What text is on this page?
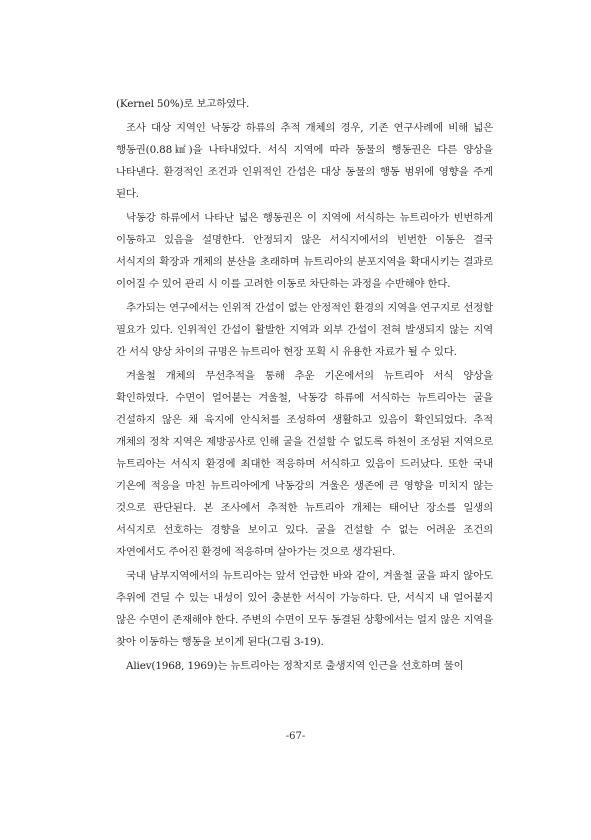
(Kernel 50%)로 보고하였다.

조사 대상 지역인 낙동강 하류의 추적 개체의 경우, 기존 연구사례에 비해 넓은 행동권(0.88㎢)을 나타내었다. 서식 지역에 따라 동물의 행동권은 다른 양상을 나타낸다. 환경적인 조건과 인위적인 간섭은 대상 동물의 행동 범위에 영향을 주게 된다.

낙동강 하류에서 나타난 넓은 행동권은 이 지역에 서식하는 뉴트리아가 빈번하게 이동하고 있음을 설명한다. 안정되지 않은 서식지에서의 빈번한 이동은 결국 서식지의 확장과 개체의 분산을 초래하며 뉴트리아의 분포지역을 확대시키는 결과로 이어질 수 있어 관리 시 이를 고려한 이동로 차단하는 과정을 수반해야 한다.

추가되는 연구에서는 인위적 간섭이 없는 안정적인 환경의 지역을 연구지로 선정할 필요가 있다. 인위적인 간섭이 활발한 지역과 외부 간섭이 전혀 발생되지 않는 지역 간 서식 양상 차이의 규명은 뉴트리아 현장 포획 시 유용한 자료가 될 수 있다.

겨울철 개체의 무선추적을 통해 추운 기온에서의 뉴트리아 서식 양상을 확인하였다. 수면이 얼어붙는 겨울철, 낙동강 하류에 서식하는 뉴트리아는 굴을 건설하지 않은 채 육지에 안식처를 조성하여 생활하고 있음이 확인되었다. 추적 개체의 정착 지역은 제방공사로 인해 굴을 건설할 수 없도록 하천이 조성된 지역으로 뉴트리아는 서식지 환경에 최대한 적응하며 서식하고 있음이 드러났다. 또한 국내 기온에 적응을 마친 뉴트리아에게 낙동강의 겨울은 생존에 큰 영향을 미치지 않는 것으로 판단된다. 본 조사에서 추적한 뉴트리아 개체는 태어난 장소를 일생의 서식지로 선호하는 경향을 보이고 있다. 굴을 건설할 수 없는 어려운 조건의 자연에서도 주어진 환경에 적응하며 살아가는 것으로 생각된다.

국내 남부지역에서의 뉴트리아는 앞서 언급한 바와 같이, 겨울철 굴을 파지 않아도 추위에 견딜 수 있는 내성이 있어 충분한 서식이 가능하다. 단, 서식지 내 얼어붙지 않은 수면이 존재해야 한다. 주변의 수면이 모두 동결된 상황에서는 얼지 않은 지역을 찾아 이동하는 행동을 보이게 된다(그림 3-19).

Aliev(1968, 1969)는 뉴트리아는 정착지로 출생지역 인근을 선호하며 물이

-67-
